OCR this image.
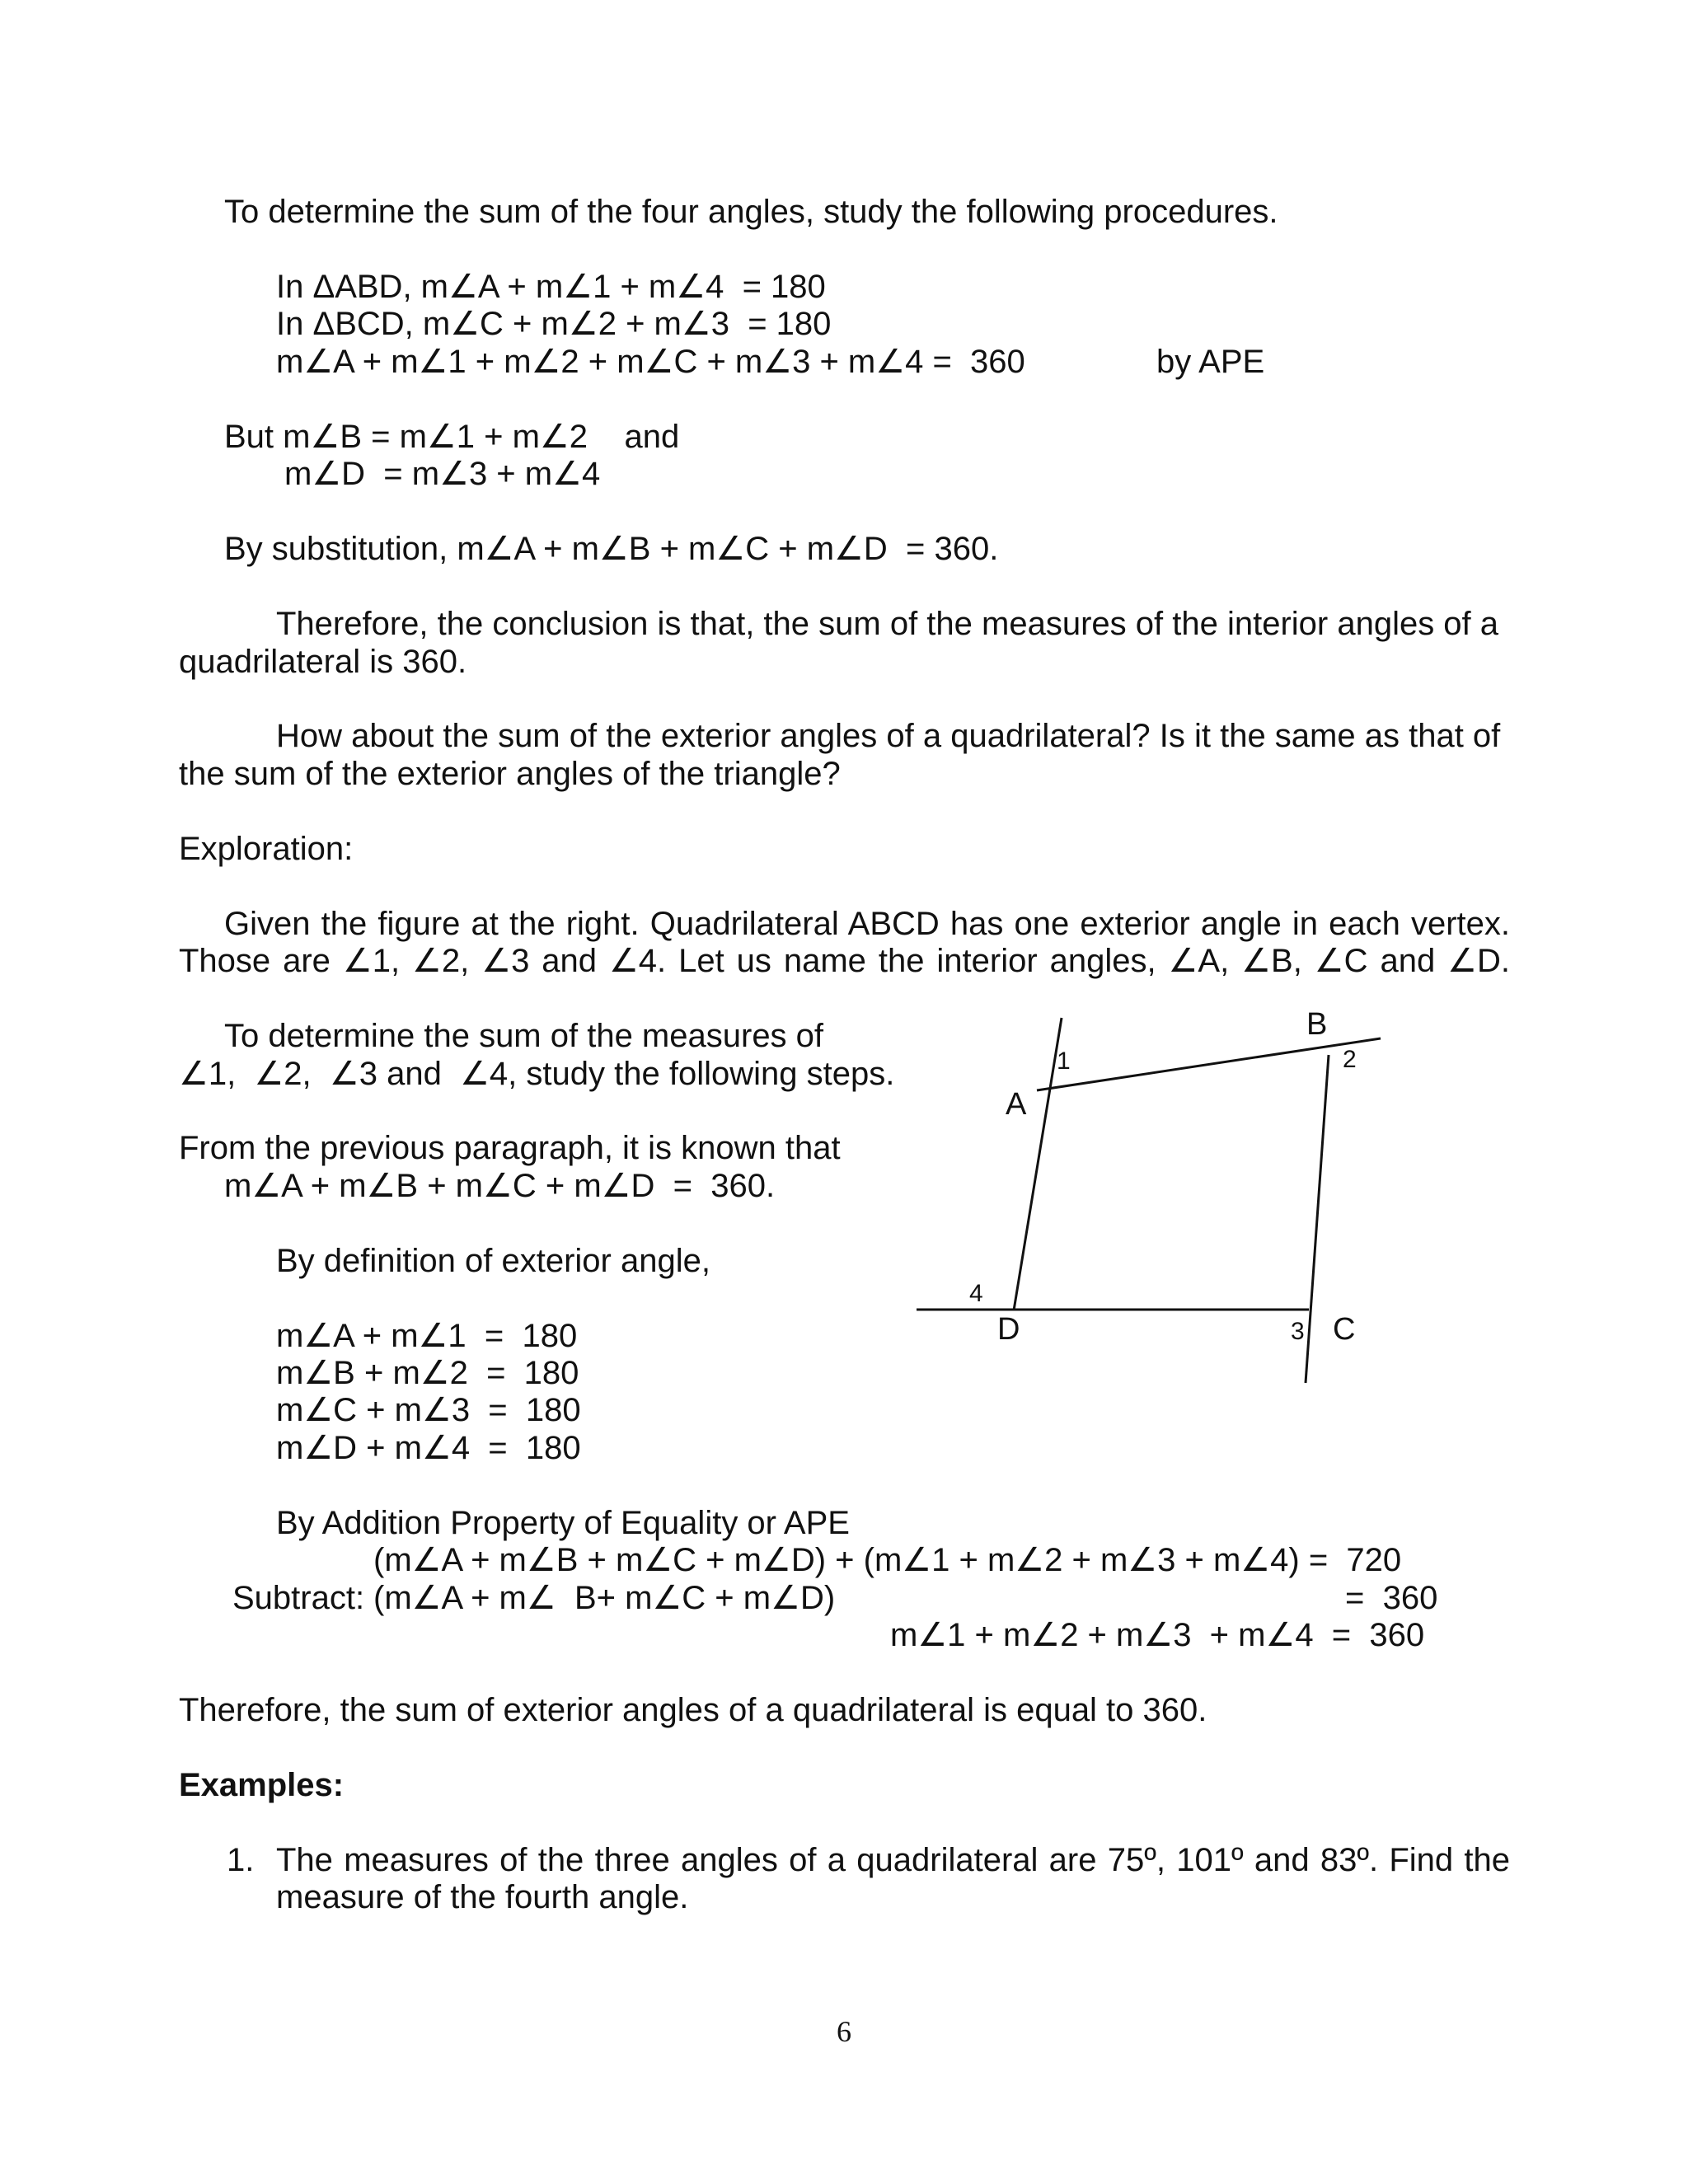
To determine the sum of the four angles, study the following procedures.
In ΔABD, m∠A + m∠1 + m∠4  = 180
In ΔBCD, m∠C + m∠2 + m∠3  = 180
m∠A + m∠1 + m∠2 + m∠C + m∠3 + m∠4 =  360	by APE
But m∠B = m∠1 + m∠2    and
m∠D  = m∠3 + m∠4
By substitution, m∠A + m∠B + m∠C + m∠D  = 360.
Therefore, the conclusion is that, the sum of the measures of the interior angles of a
quadrilateral is 360.
How about the sum of the exterior angles of a quadrilateral? Is it the same as that of
the sum of the exterior angles of the triangle?
Exploration:
Given the figure at the right. Quadrilateral ABCD has one exterior angle in each vertex.
Those are ∠1, ∠2, ∠3 and ∠4. Let us name the interior angles, ∠A, ∠B, ∠C and ∠D.
To determine the sum of the measures of
∠1,  ∠2,  ∠3 and  ∠4, study the following steps.
From the previous paragraph, it is known that
m∠A + m∠B + m∠C + m∠D  =  360.
By definition of exterior angle,
m∠A + m∠1  =  180
m∠B + m∠2  =  180
m∠C + m∠3  =  180
m∠D + m∠4  =  180
By Addition Property of Equality or APE
(m∠A + m∠B + m∠C + m∠D) + (m∠1 + m∠2 + m∠3 + m∠4) =  720
Subtract: (m∠A + m∠  B+ m∠C + m∠D)	=  360
m∠1 + m∠2 + m∠3  + m∠4  =  360
Therefore, the sum of exterior angles of a quadrilateral is equal to 360.
Examples:
1. The measures of the three angles of a quadrilateral are 75º, 101º and 83º. Find the
measure of the fourth angle.
A
B
C
D
1	2
3
4
6
